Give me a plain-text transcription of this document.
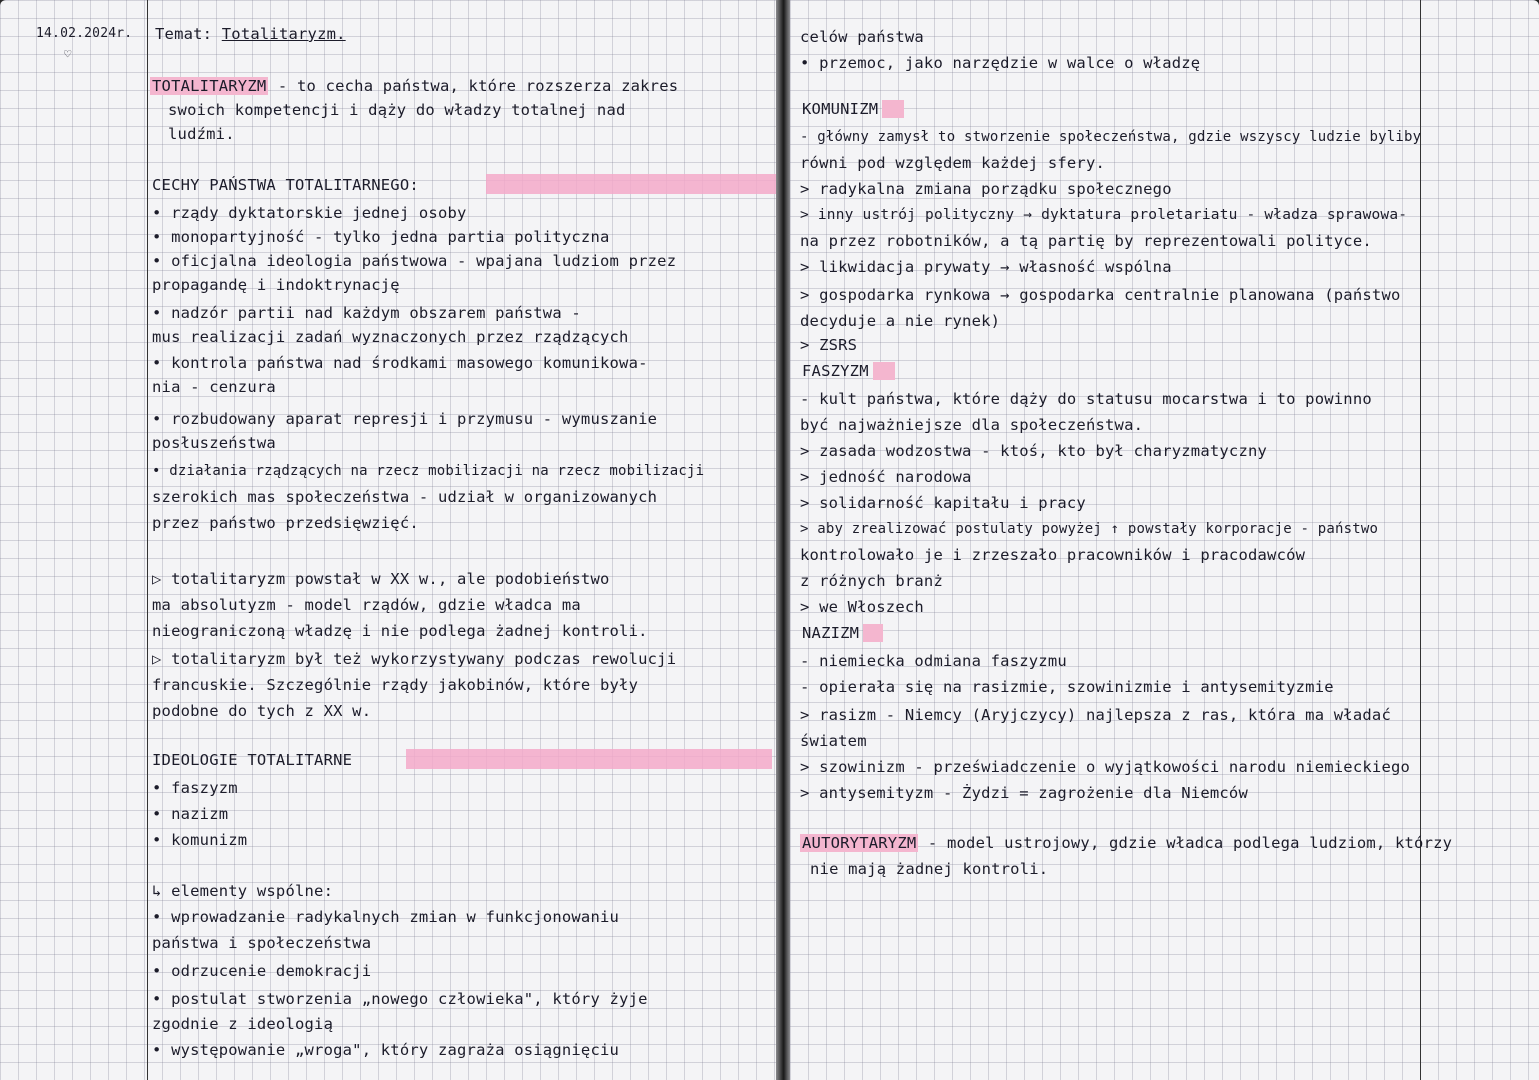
14.02.2024r.
♡
Temat: Totalitaryzm.
TOTALITARYZM - to cecha państwa, które rozszerza zakres
swoich kompetencji i dąży do władzy totalnej nad
ludźmi.
CECHY PAŃSTWA TOTALITARNEGO:
• rządy dyktatorskie jednej osoby
• monopartyjność - tylko jedna partia polityczna
• oficjalna ideologia państwowa - wpajana ludziom przez
propagandę i indoktrynację
• nadzór partii nad każdym obszarem państwa -
mus realizacji zadań wyznaczonych przez rządzących
• kontrola państwa nad środkami masowego komunikowa-
nia - cenzura
• rozbudowany aparat represji i przymusu - wymuszanie
posłuszeństwa
• działania rządzących na rzecz mobilizacji na rzecz mobilizacji
szerokich mas społeczeństwa - udział w organizowanych
przez państwo przedsięwzięć.
▷ totalitaryzm powstał w XX w., ale podobieństwo
ma absolutyzm - model rządów, gdzie władca ma
nieograniczoną władzę i nie podlega żadnej kontroli.
▷ totalitaryzm był też wykorzystywany podczas rewolucji
francuskie. Szczególnie rządy jakobinów, które były
podobne do tych z XX w.
IDEOLOGIE TOTALITARNE
• faszyzm
• nazizm
• komunizm
↳ elementy wspólne:
• wprowadzanie radykalnych zmian w funkcjonowaniu
państwa i społeczeństwa
• odrzucenie demokracji
• postulat stworzenia „nowego człowieka", który żyje
zgodnie z ideologią
• występowanie „wroga", który zagraża osiągnięciu
celów państwa
• przemoc, jako narzędzie w walce o władzę
KOMUNIZM
- główny zamysł to stworzenie społeczeństwa, gdzie wszyscy ludzie byliby
równi pod względem każdej sfery.
> radykalna zmiana porządku społecznego
> inny ustrój polityczny → dyktatura proletariatu - władza sprawowa-
na przez robotników, a tą partię by reprezentowali polityce.
> likwidacja prywaty → własność wspólna
> gospodarka rynkowa → gospodarka centralnie planowana (państwo
decyduje a nie rynek)
> ZSRS
FASZYZM
- kult państwa, które dąży do statusu mocarstwa i to powinno
być najważniejsze dla społeczeństwa.
> zasada wodzostwa - ktoś, kto był charyzmatyczny
> jedność narodowa
> solidarność kapitału i pracy
> aby zrealizować postulaty powyżej ↑ powstały korporacje - państwo
kontrolowało je i zrzeszało pracowników i pracodawców
z różnych branż
> we Włoszech
NAZIZM
- niemiecka odmiana faszyzmu
- opierała się na rasizmie, szowinizmie i antysemityzmie
> rasizm - Niemcy (Aryjczycy) najlepsza z ras, która ma władać
światem
> szowinizm - przeświadczenie o wyjątkowości narodu niemieckiego
> antysemityzm - Żydzi = zagrożenie dla Niemców
AUTORYTARYZM - model ustrojowy, gdzie władca podlega ludziom, którzy
nie mają żadnej kontroli.
